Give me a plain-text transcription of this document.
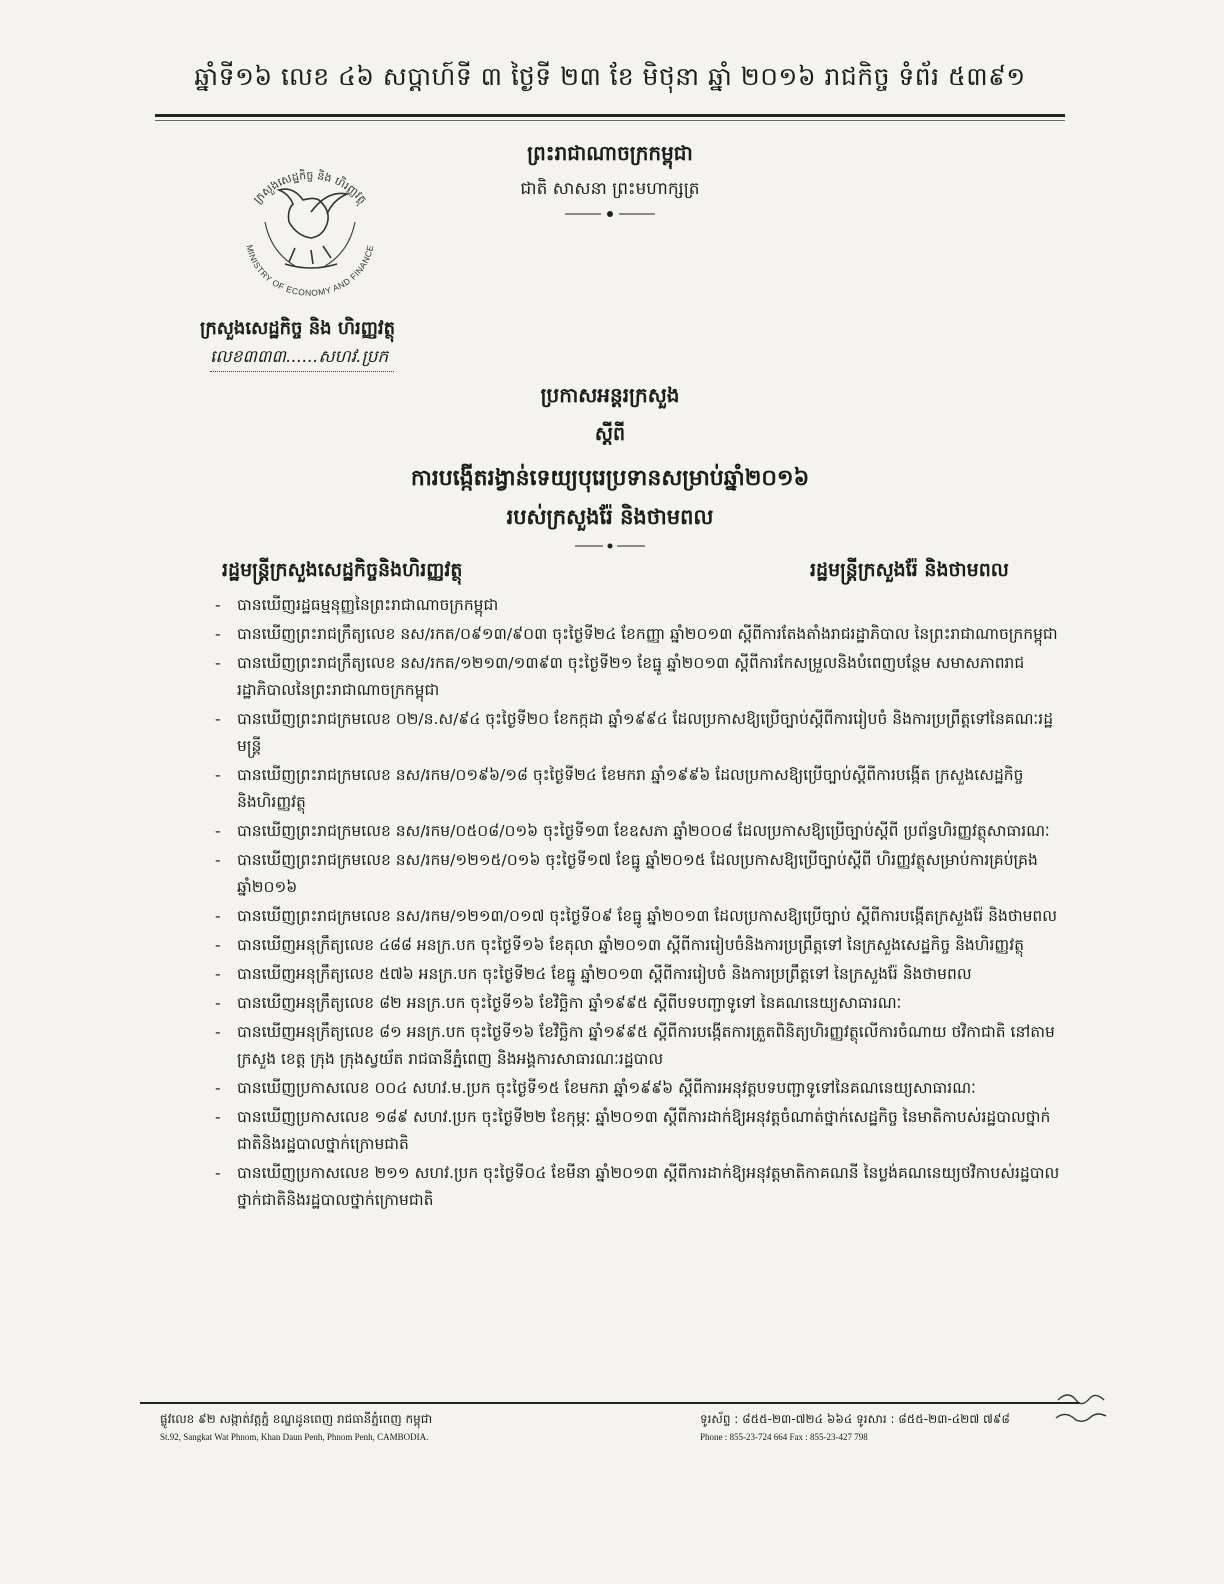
ឆ្នាំទី១៦ លេខ ៤៦ សប្តាហ៍ទី ៣ ថ្ងៃទី ២៣ ខែ មិថុនា ឆ្នាំ ២០១៦ រាជកិច្ច ទំព័រ ៥៣៩១
ព្រះរាជាណាចក្រកម្ពុជា
ជាតិ សាសនា ព្រះមហាក្សត្រ
ក្រសួងសេដ្ឋកិច្ច និង ហិរញ្ញវត្ថុ
MINISTRY OF ECONOMY AND FINANCE
ក្រសួងសេដ្ឋកិច្ច និង ហិរញ្ញវត្ថុ
លេខ៣៣៣......សហវ.ប្រក
ប្រកាសអន្តរក្រសួង
ស្តីពី
ការបង្កើតរង្វាន់ទេយ្យបុរេប្រទានសម្រាប់ឆ្នាំ២០១៦
របស់ក្រសួងរ៉ែ និងថាមពល
រដ្ឋមន្ត្រីក្រសួងសេដ្ឋកិច្ចនិងហិរញ្ញវត្ថុ	រដ្ឋមន្ត្រីក្រសួងរ៉ែ និងថាមពល
- បានឃើញរដ្ឋធម្មនុញ្ញនៃព្រះរាជាណាចក្រកម្ពុជា
- បានឃើញព្រះរាជក្រឹត្យលេខ នស/រកត/០៩១៣/៩០៣ ចុះថ្ងៃទី២៤ ខែកញ្ញា ឆ្នាំ២០១៣ ស្តីពីការតែងតាំងរាជរដ្ឋាភិបាល នៃព្រះរាជាណាចក្រកម្ពុជា
- បានឃើញព្រះរាជក្រឹត្យលេខ នស/រកត/១២១៣/១៣៩៣ ចុះថ្ងៃទី២១ ខែធ្នូ ឆ្នាំ២០១៣ ស្តីពីការកែសម្រួលនិងបំពេញបន្ថែម សមាសភាពរាជរដ្ឋាភិបាលនៃព្រះរាជាណាចក្រកម្ពុជា
- បានឃើញព្រះរាជក្រមលេខ ០២/ន.ស/៩៤ ចុះថ្ងៃទី២០ ខែកក្កដា ឆ្នាំ១៩៩៤ ដែលប្រកាសឱ្យប្រើច្បាប់ស្តីពីការរៀបចំ និងការប្រព្រឹត្តទៅនៃគណៈរដ្ឋមន្ត្រី
- បានឃើញព្រះរាជក្រមលេខ នស/រកម/០១៩៦/១៨ ចុះថ្ងៃទី២៤ ខែមករា ឆ្នាំ១៩៩៦ ដែលប្រកាសឱ្យប្រើច្បាប់ស្តីពីការបង្កើត ក្រសួងសេដ្ឋកិច្ចនិងហិរញ្ញវត្ថុ
- បានឃើញព្រះរាជក្រមលេខ នស/រកម/០៥០៨/០១៦ ចុះថ្ងៃទី១៣ ខែឧសភា ឆ្នាំ២០០៨ ដែលប្រកាសឱ្យប្រើច្បាប់ស្តីពី ប្រព័ន្ធហិរញ្ញវត្ថុសាធារណៈ
- បានឃើញព្រះរាជក្រមលេខ នស/រកម/១២១៥/០១៦ ចុះថ្ងៃទី១៧ ខែធ្នូ ឆ្នាំ២០១៥ ដែលប្រកាសឱ្យប្រើច្បាប់ស្តីពី ហិរញ្ញវត្ថុសម្រាប់ការគ្រប់គ្រងឆ្នាំ២០១៦
- បានឃើញព្រះរាជក្រមលេខ នស/រកម/១២១៣/០១៧ ចុះថ្ងៃទី០៩ ខែធ្នូ ឆ្នាំ២០១៣ ដែលប្រកាសឱ្យប្រើច្បាប់ ស្តីពីការបង្កើតក្រសួងរ៉ែ និងថាមពល
- បានឃើញអនុក្រឹត្យលេខ ៤៨៨ អនក្រ.បក ចុះថ្ងៃទី១៦ ខែតុលា ឆ្នាំ២០១៣ ស្តីពីការរៀបចំនិងការប្រព្រឹត្តទៅ នៃក្រសួងសេដ្ឋកិច្ច និងហិរញ្ញវត្ថុ
- បានឃើញអនុក្រឹត្យលេខ ៥៧៦ អនក្រ.បក ចុះថ្ងៃទី២៤ ខែធ្នូ ឆ្នាំ២០១៣ ស្តីពីការរៀបចំ និងការប្រព្រឹត្តទៅ នៃក្រសួងរ៉ែ និងថាមពល
- បានឃើញអនុក្រឹត្យលេខ ៨២ អនក្រ.បក ចុះថ្ងៃទី១៦ ខែវិច្ឆិកា ឆ្នាំ១៩៩៥ ស្តីពីបទបញ្ជាទូទៅ នៃគណនេយ្យសាធារណៈ
- បានឃើញអនុក្រឹត្យលេខ ៨១ អនក្រ.បក ចុះថ្ងៃទី១៦ ខែវិច្ឆិកា ឆ្នាំ១៩៩៥ ស្តីពីការបង្កើតការត្រួតពិនិត្យហិរញ្ញវត្ថុលើការចំណាយ ថវិកាជាតិ នៅតាមក្រសួង ខេត្ត ក្រុង ក្រុងស្វយ័ត រាជធានីភ្នំពេញ និងអង្គការសាធារណៈរដ្ឋបាល
- បានឃើញប្រកាសលេខ ០០៤ សហវ.ម.ប្រក ចុះថ្ងៃទី១៥ ខែមករា ឆ្នាំ១៩៩៦ ស្តីពីការអនុវត្តបទបញ្ជាទូទៅនៃគណនេយ្យសាធារណៈ
- បានឃើញប្រកាសលេខ ១៨៩ សហវ.ប្រក ចុះថ្ងៃទី២២ ខែកុម្ភៈ ឆ្នាំ២០១៣ ស្តីពីការដាក់ឱ្យអនុវត្តចំណាត់ថ្នាក់សេដ្ឋកិច្ច នៃមាតិកាបស់រដ្ឋបាលថ្នាក់ជាតិនិងរដ្ឋបាលថ្នាក់ក្រោមជាតិ
- បានឃើញប្រកាសលេខ ២១១ សហវ.ប្រក ចុះថ្ងៃទី០៤ ខែមីនា ឆ្នាំ២០១៣ ស្តីពីការដាក់ឱ្យអនុវត្តមាតិកាគណនី នៃប្លង់គណនេយ្យថវិកាបស់រដ្ឋបាលថ្នាក់ជាតិនិងរដ្ឋបាលថ្នាក់ក្រោមជាតិ
ផ្លូវលេខ ៩២ សង្កាត់វត្តភ្នំ ខណ្ឌដូនពេញ រាជធានីភ្នំពេញ កម្ពុជា
St.92, Sangkat Wat Phnom, Khan Daun Penh, Phnom Penh, CAMBODIA.
ទូរស័ព្ទ : ៨៥៥-២៣-៧២៤ ៦៦៤ ទូរសារ : ៨៥៥-២៣-៤២៧ ៧៩៨
Phone : 855-23-724 664 Fax : 855-23-427 798
